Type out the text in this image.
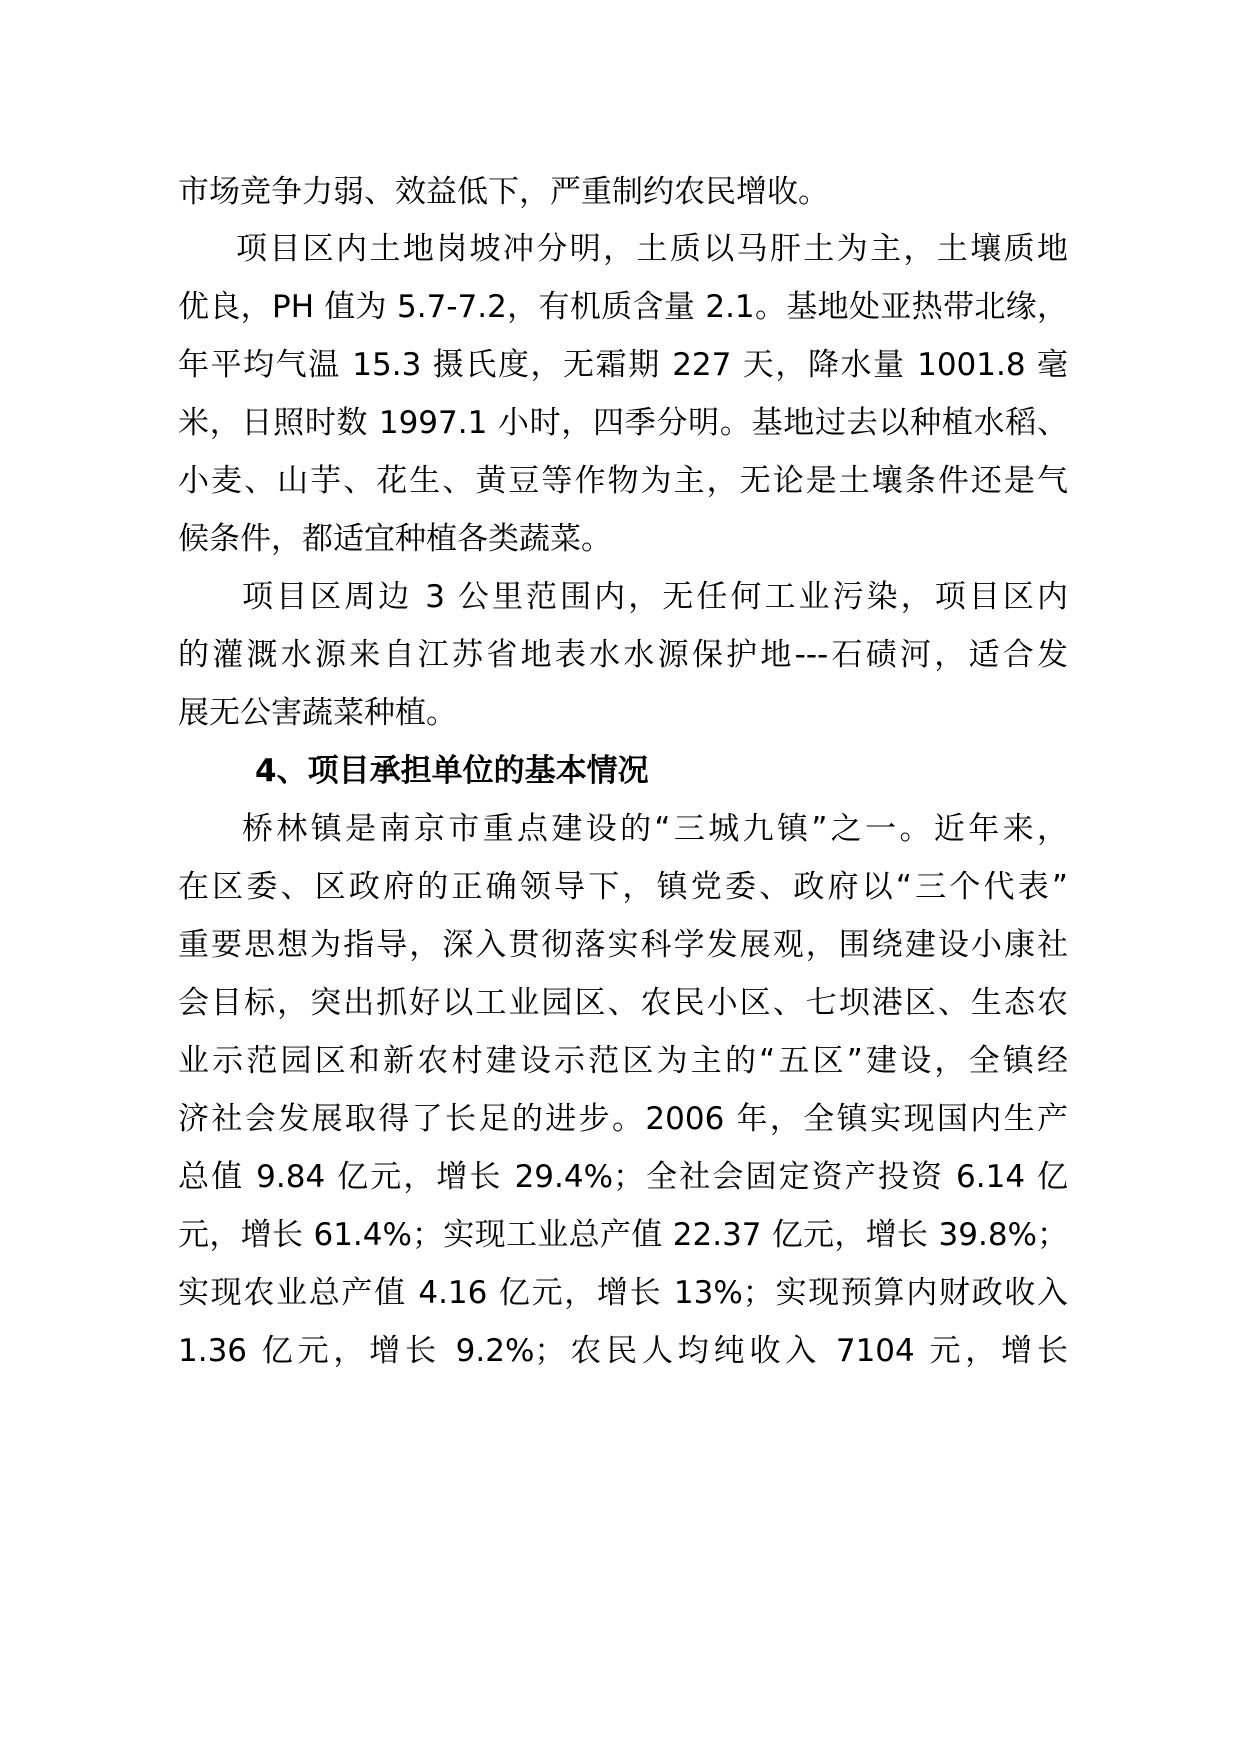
市场竞争力弱、效益低下，严重制约农民增收。

项目区内土地岗坡冲分明，土质以马肝土为主，土壤质地

优良，PH 值为 5.7-7.2，有机质含量 2.1。基地处亚热带北缘，

年平均气温 15.3 摄氏度，无霜期 227 天，降水量 1001.8 毫

米，日照时数 1997.1 小时，四季分明。基地过去以种植水稻、

小麦、山芋、花生、黄豆等作物为主，无论是土壤条件还是气

候条件，都适宜种植各类蔬菜。

项目区周边 3 公里范围内，无任何工业污染，项目区内

的灌溉水源来自江苏省地表水水源保护地---石碛河，适合发

展无公害蔬菜种植。

4、项目承担单位的基本情况

桥林镇是南京市重点建设的“三城九镇”之一。近年来，

在区委、区政府的正确领导下，镇党委、政府以“三个代表”

重要思想为指导，深入贯彻落实科学发展观，围绕建设小康社

会目标，突出抓好以工业园区、农民小区、七坝港区、生态农

业示范园区和新农村建设示范区为主的“五区”建设，全镇经

济社会发展取得了长足的进步。2006 年，全镇实现国内生产

总值 9.84 亿元，增长 29.4%；全社会固定资产投资 6.14 亿

元，增长 61.4%；实现工业总产值 22.37 亿元，增长 39.8%；

实现农业总产值 4.16 亿元，增长 13%；实现预算内财政收入

1.36 亿元，增长 9.2%；农民人均纯收入 7104 元，增长
